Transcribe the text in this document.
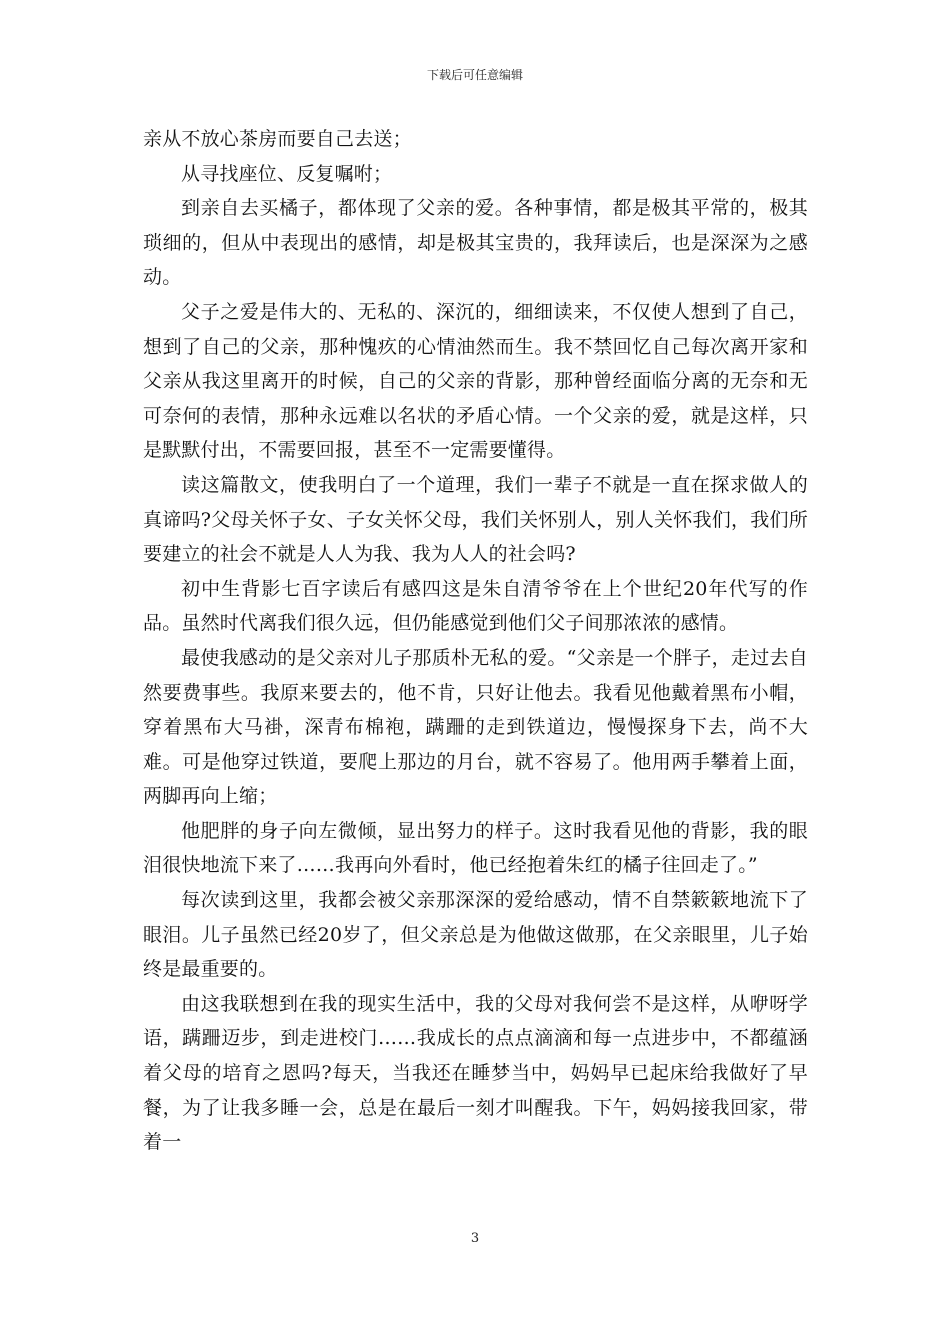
下载后可任意编辑

亲从不放心茶房而要自己去送；

从寻找座位、反复嘱咐；

到亲自去买橘子，都体现了父亲的爱。各种事情，都是极其平常的，极其琐细的，但从中表现出的感情，却是极其宝贵的，我拜读后，也是深深为之感动。

父子之爱是伟大的、无私的、深沉的，细细读来，不仅使人想到了自己，想到了自己的父亲，那种愧疚的心情油然而生。我不禁回忆自己每次离开家和父亲从我这里离开的时候，自己的父亲的背影，那种曾经面临分离的无奈和无可奈何的表情，那种永远难以名状的矛盾心情。一个父亲的爱，就是这样，只是默默付出，不需要回报，甚至不一定需要懂得。

读这篇散文，使我明白了一个道理，我们一辈子不就是一直在探求做人的真谛吗?父母关怀子女、子女关怀父母，我们关怀别人，别人关怀我们，我们所要建立的社会不就是人人为我、我为人人的社会吗?

初中生背影七百字读后有感四这是朱自清爷爷在上个世纪20年代写的作品。虽然时代离我们很久远，但仍能感觉到他们父子间那浓浓的感情。

最使我感动的是父亲对儿子那质朴无私的爱。“父亲是一个胖子，走过去自然要费事些。我原来要去的，他不肯，只好让他去。我看见他戴着黑布小帽，穿着黑布大马褂，深青布棉袍，蹒跚的走到铁道边，慢慢探身下去，尚不大难。可是他穿过铁道，要爬上那边的月台，就不容易了。他用两手攀着上面，两脚再向上缩；

他肥胖的身子向左微倾，显出努力的样子。这时我看见他的背影，我的眼泪很快地流下来了……我再向外看时，他已经抱着朱红的橘子往回走了。”

每次读到这里，我都会被父亲那深深的爱给感动，情不自禁簌簌地流下了眼泪。儿子虽然已经20岁了，但父亲总是为他做这做那，在父亲眼里，儿子始终是最重要的。

由这我联想到在我的现实生活中，我的父母对我何尝不是这样，从咿呀学语，蹒跚迈步，到走进校门……我成长的点点滴滴和每一点进步中，不都蕴涵着父母的培育之恩吗?每天，当我还在睡梦当中，妈妈早已起床给我做好了早餐，为了让我多睡一会，总是在最后一刻才叫醒我。下午，妈妈接我回家，带着一

3
